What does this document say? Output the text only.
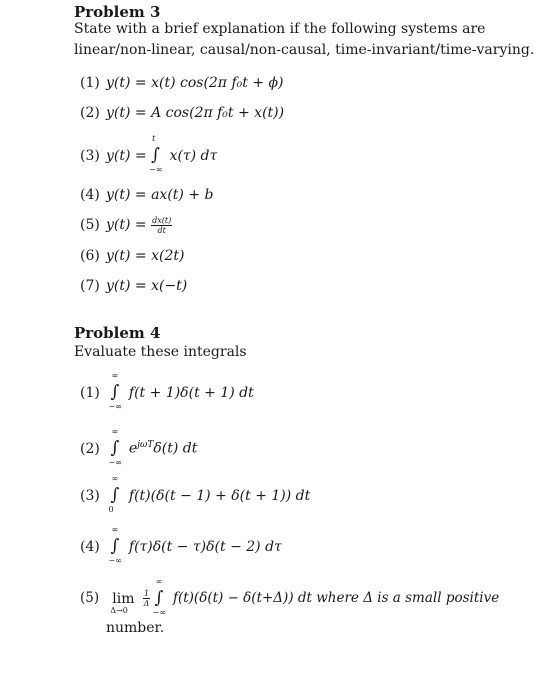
Problem 3
State with a brief explanation if the following systems are linear/non-linear, causal/non-causal, time-invariant/time-varying.
(1) y(t) = x(t) cos(2π f₀t + ϕ)
(2) y(t) = A cos(2π f₀t + x(t))
(3) y(t) = ∫
t
−∞
x(τ) dτ
(4) y(t) = ax(t) + b
(5) $y(t) = \frac{dx(t)}{dt}$
(6) y(t) = x(2t)
(7) y(t) = x(−t)
Problem 4
Evaluate these integrals
(1) ∫
∞
−∞
f(t + 1)δ(t + 1) dt
(2) ∫
∞
−∞
$e^{j\omega T}\delta(t)$ dt
(3) ∫
∞
0
f(t)(δ(t − 1) + δ(t + 1)) dt
(4) ∫
∞
−∞
f(τ)δ(t − τ)δ(t − 2) dτ
(5) lim
Δ→0

$\frac{1}{\Delta}$
∫
∞
−∞
f(t)(δ(t) − δ(t+Δ)) dt where Δ is a small positive
number.
